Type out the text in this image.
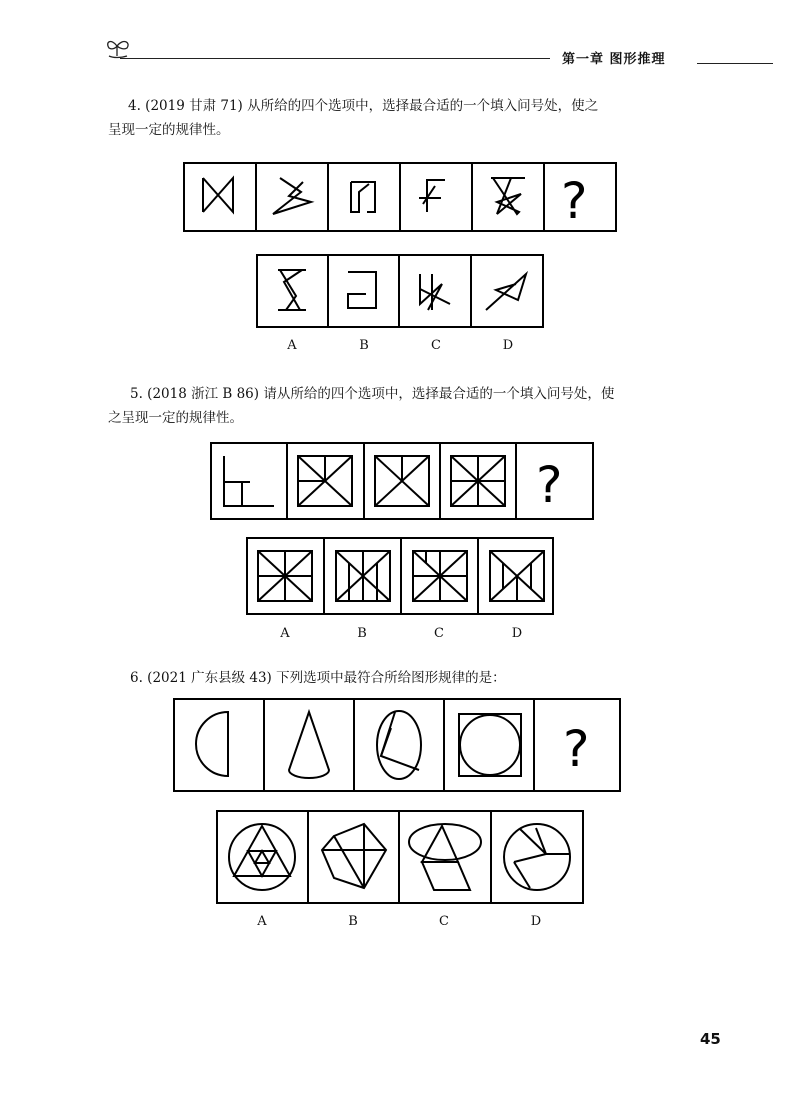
第一章 图形推理
4. (2019 甘肃 71) 从所给的四个选项中，选择最合适的一个填入问号处，使之
呈现一定的规律性。
?
A	B	C	D
5. (2018 浙江 B 86) 请从所给的四个选项中，选择最合适的一个填入问号处，使
之呈现一定的规律性。
?
A	B	C	D
6. (2021 广东县级 43) 下列选项中最符合所给图形规律的是：
?
A	B	C	D
45
